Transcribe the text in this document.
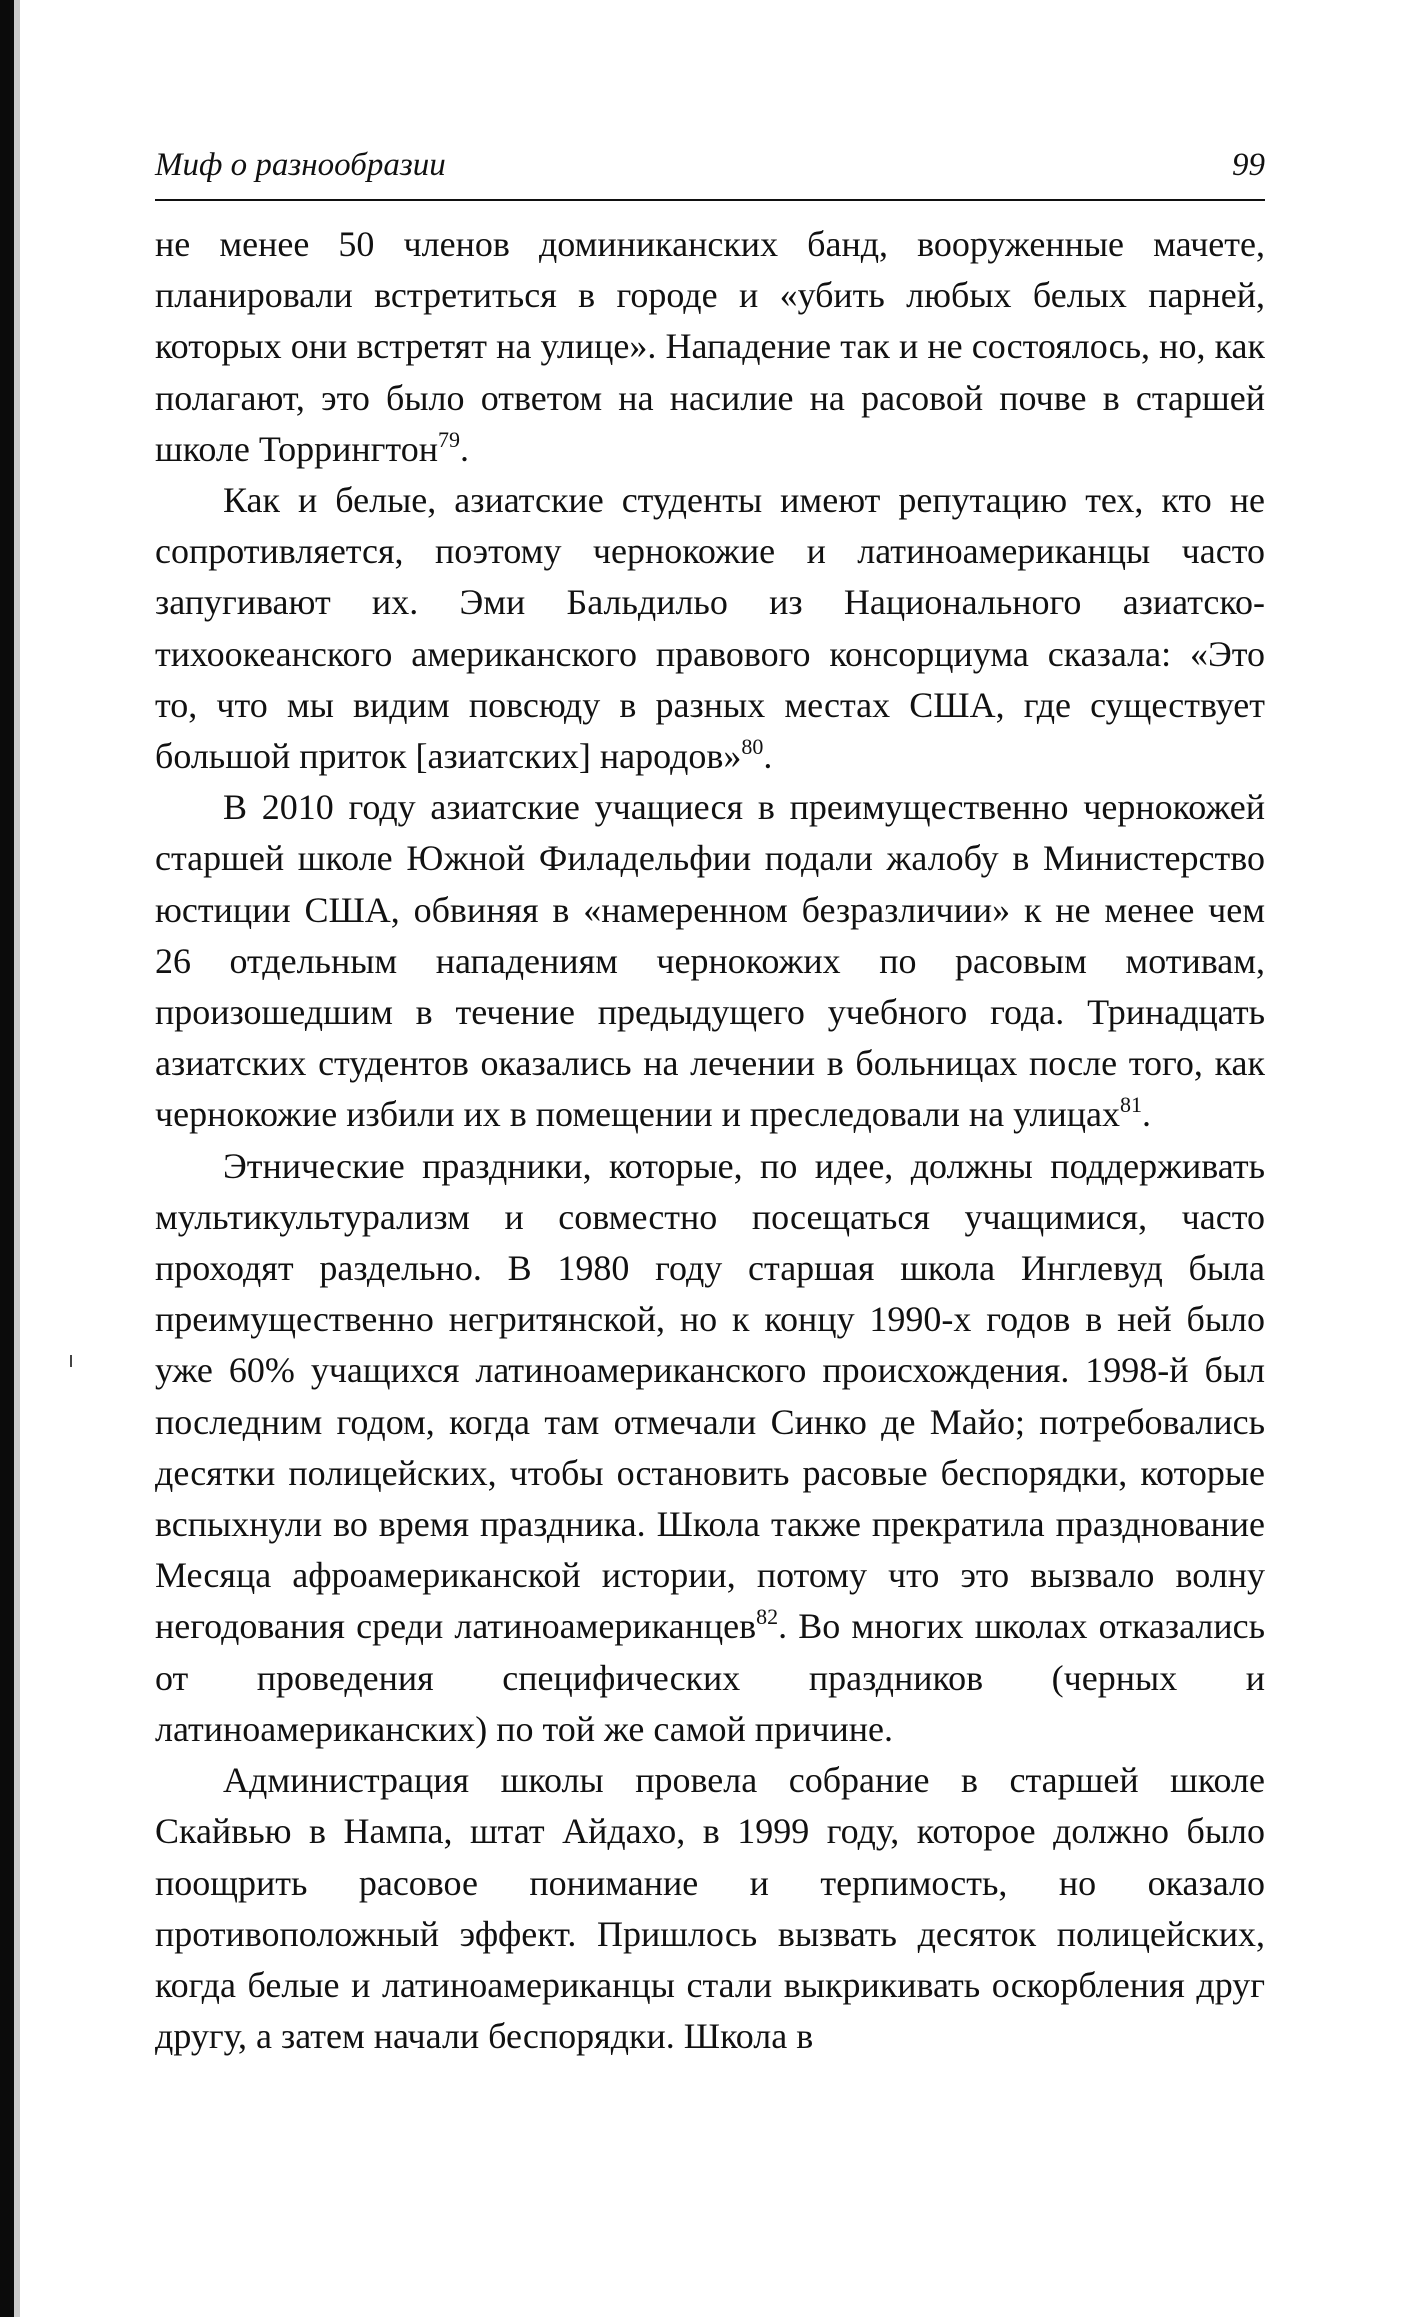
Миф о разнообразии	99

не менее 50 членов доминиканских банд, вооруженные мачете, планировали встретиться в городе и «убить любых белых парней, которых они встретят на улице». Нападение так и не состоялось, но, как полагают, это было ответом на насилие на расовой почве в старшей школе Торрингтон$^{79}$.

Как и белые, азиатские студенты имеют репутацию тех, кто не сопротивляется, поэтому чернокожие и латиноамериканцы часто запугивают их. Эми Бальдильо из Национального азиатско-тихоокеанского американского правового консорциума сказала: «Это то, что мы видим повсюду в разных местах США, где существует большой приток [азиатских] народов»$^{80}$.

В 2010 году азиатские учащиеся в преимущественно чернокожей старшей школе Южной Филадельфии подали жалобу в Министерство юстиции США, обвиняя в «намеренном безразличии» к не менее чем 26 отдельным нападениям чернокожих по расовым мотивам, произошедшим в течение предыдущего учебного года. Тринадцать азиатских студентов оказались на лечении в больницах после того, как чернокожие избили их в помещении и преследовали на улицах$^{81}$.

Этнические праздники, которые, по идее, должны поддерживать мультикультурализм и совместно посещаться учащимися, часто проходят раздельно. В 1980 году старшая школа Инглевуд была преимущественно негритянской, но к концу 1990-х годов в ней было уже 60% учащихся латиноамериканского происхождения. 1998-й был последним годом, когда там отмечали Синко де Майо; потребовались десятки полицейских, чтобы остановить расовые беспорядки, которые вспыхнули во время праздника. Школа также прекратила празднование Месяца афроамериканской истории, потому что это вызвало волну негодования среди латиноамериканцев$^{82}$. Во многих школах отказались от проведения специфических праздников (черных и латиноамериканских) по той же самой причине.

Администрация школы провела собрание в старшей школе Скайвью в Нампа, штат Айдахо, в 1999 году, которое должно было поощрить расовое понимание и терпимость, но оказало противоположный эффект. Пришлось вызвать десяток полицейских, когда белые и латиноамериканцы стали выкрикивать оскорбления друг другу, а затем начали беспорядки. Школа в
